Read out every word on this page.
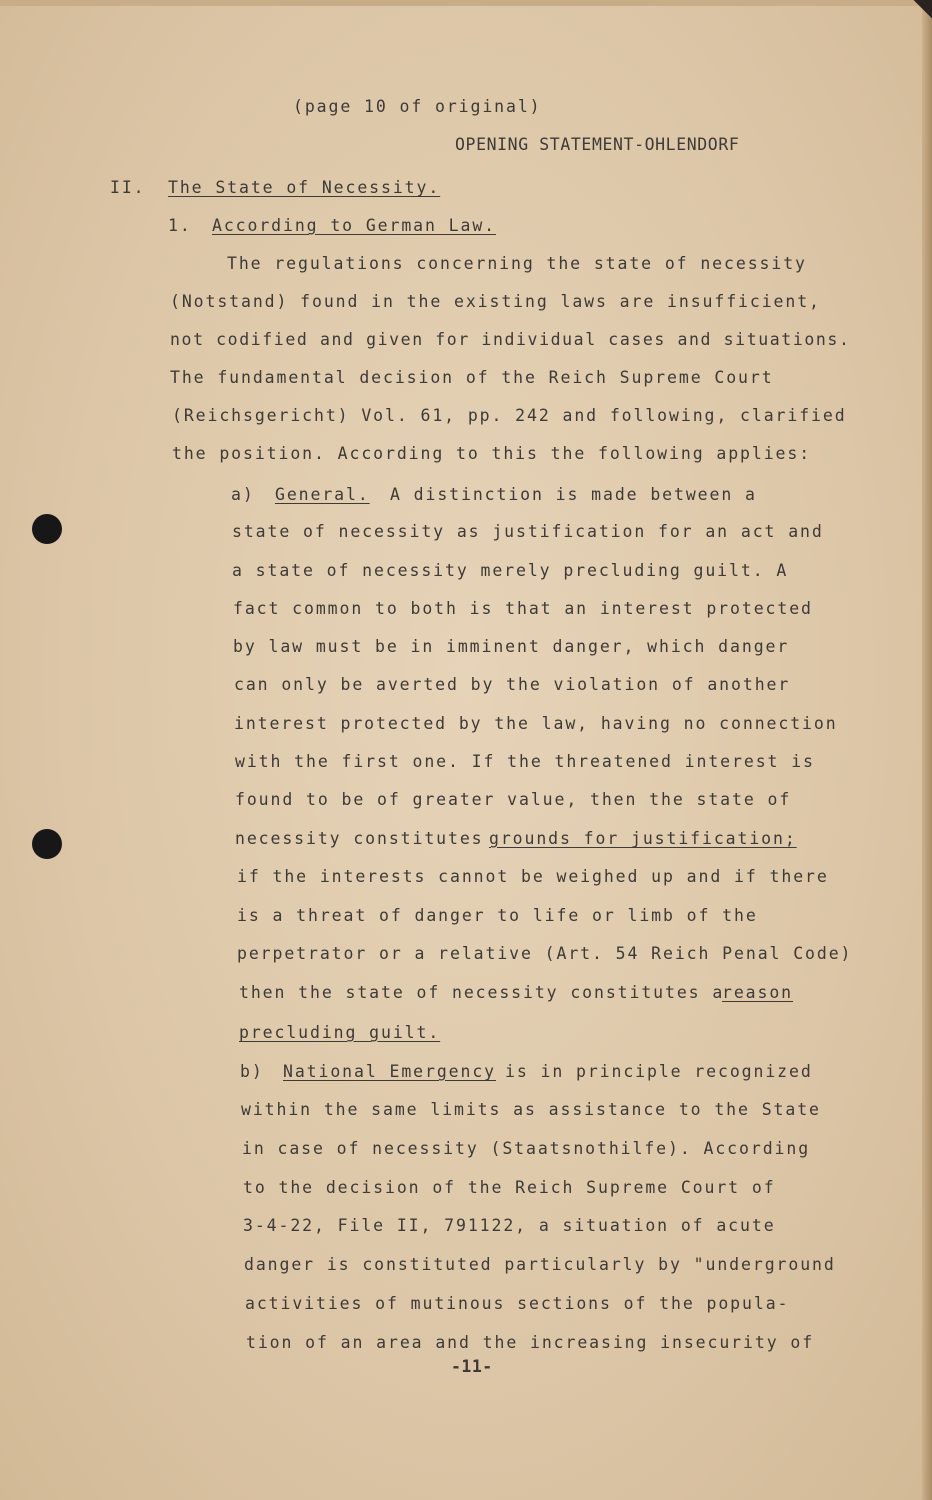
(page 10 of original)
OPENING STATEMENT-OHLENDORF
II. The State of Necessity.
1. According to German Law.
The regulations concerning the state of necessity
(Notstand) found in the existing laws are insufficient,
not codified and given for individual cases and situations.
The fundamental decision of the Reich Supreme Court
(Reichsgericht) Vol. 61, pp. 242 and following, clarified
the position. According to this the following applies:
a) General. A distinction is made between a
state of necessity as justification for an act and
a state of necessity merely precluding guilt. A
fact common to both is that an interest protected
by law must be in imminent danger, which danger
can only be averted by the violation of another
interest protected by the law, having no connection
with the first one. If the threatened interest is
found to be of greater value, then the state of
necessity constitutes grounds for justification;
if the interests cannot be weighed up and if there
is a threat of danger to life or limb of the
perpetrator or a relative (Art. 54 Reich Penal Code)
then the state of necessity constitutes a
reason
precluding guilt.
b) National Emergency is in principle recognized
within the same limits as assistance to the State
in case of necessity (Staatsnothilfe). According
to the decision of the Reich Supreme Court of
3-4-22, File II, 791122, a situation of acute
danger is constituted particularly by "underground
activities of mutinous sections of the popula-
tion of an area and the increasing insecurity of
-11-
